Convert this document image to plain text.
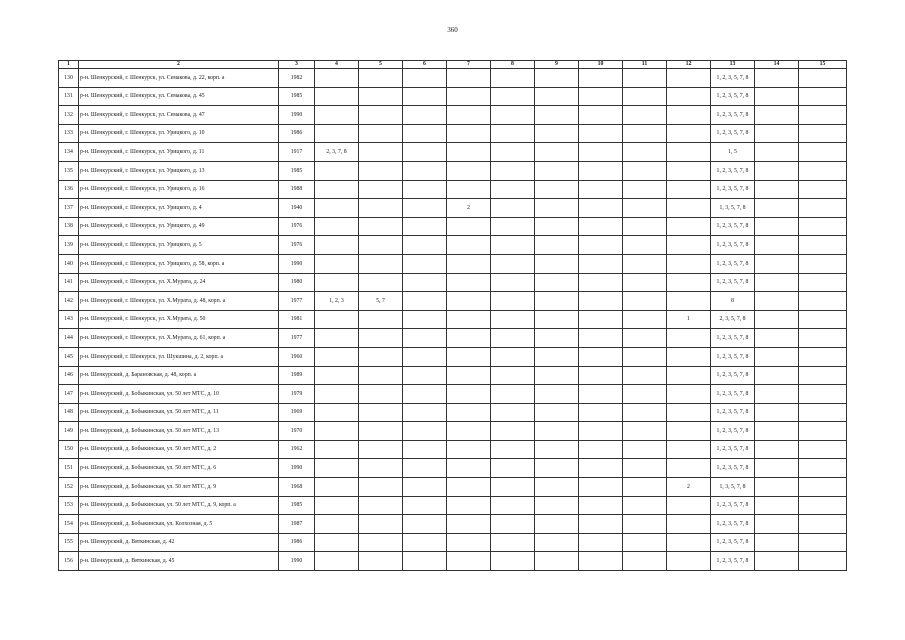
360
1	2	3	4	5	6	7	8	9	10	11	12	13	14	15
130	р-н. Шенкурский, г. Шенкурск, ул. Семакова, д. 22, корп. а	1982										1, 2, 3, 5, 7, 8		
131	р-н. Шенкурский, г. Шенкурск, ул. Семакова, д. 45	1985										1, 2, 3, 5, 7, 8		
132	р-н. Шенкурский, г. Шенкурск, ул. Семакова, д. 47	1990										1, 2, 3, 5, 7, 8		
133	р-н. Шенкурский, г. Шенкурск, ул. Урицкого, д. 10	1986										1, 2, 3, 5, 7, 8		
134	р-н. Шенкурский, г. Шенкурск, ул. Урицкого, д. 11	1917	2, 3, 7, 8									1, 5		
135	р-н. Шенкурский, г. Шенкурск, ул. Урицкого, д. 13	1985										1, 2, 3, 5, 7, 8		
136	р-н. Шенкурский, г. Шенкурск, ул. Урицкого, д. 16	1988										1, 2, 3, 5, 7, 8		
137	р-н. Шенкурский, г. Шенкурск, ул. Урицкого, д. 4	1940				2						1, 3, 5, 7, 8		
138	р-н. Шенкурский, г. Шенкурск, ул. Урицкого, д. 49	1976										1, 2, 3, 5, 7, 8		
139	р-н. Шенкурский, г. Шенкурск, ул. Урицкого, д. 5	1976										1, 2, 3, 5, 7, 8		
140	р-н. Шенкурский, г. Шенкурск, ул. Урицкого, д. 58, корп. а	1990										1, 2, 3, 5, 7, 8		
141	р-н. Шенкурский, г. Шенкурск, ул. Х.Мурата, д. 24	1980										1, 2, 3, 5, 7, 8		
142	р-н. Шенкурский, г. Шенкурск, ул. Х.Мурата, д. 48, корп. а	1977	1, 2, 3	5, 7								8		
143	р-н. Шенкурский, г. Шенкурск, ул. Х.Мурата, д. 50	1981									1	2, 3, 5, 7, 8		
144	р-н. Шенкурский, г. Шенкурск, ул. Х.Мурата, д. 61, корп. а	1977										1, 2, 3, 5, 7, 8		
145	р-н. Шенкурский, г. Шенкурск, ул. Шукшина, д. 2, корп. а	1960										1, 2, 3, 5, 7, 8		
146	р-н. Шенкурский, д. Барановская, д. 48, корп. а	1989										1, 2, 3, 5, 7, 8		
147	р-н. Шенкурский, д. Бобыкинская, ул. 50 лет МТС, д. 10	1979										1, 2, 3, 5, 7, 8		
148	р-н. Шенкурский, д. Бобыкинская, ул. 50 лет МТС, д. 11	1969										1, 2, 3, 5, 7, 8		
149	р-н. Шенкурский, д. Бобыкинская, ул. 50 лет МТС, д. 13	1970										1, 2, 3, 5, 7, 8		
150	р-н. Шенкурский, д. Бобыкинская, ул. 50 лет МТС, д. 2	1962										1, 2, 3, 5, 7, 8		
151	р-н. Шенкурский, д. Бобыкинская, ул. 50 лет МТС, д. 6	1990										1, 2, 3, 5, 7, 8		
152	р-н. Шенкурский, д. Бобыкинская, ул. 50 лет МТС, д. 9	1968									2	1, 3, 5, 7, 8		
153	р-н. Шенкурский, д. Бобыкинская, ул. 50 лет МТС, д. 9, корп. а	1985										1, 2, 3, 5, 7, 8		
154	р-н. Шенкурский, д. Бобыкинская, ул. Колхозная, д. 5	1987										1, 2, 3, 5, 7, 8		
155	р-н. Шенкурский, д. Вяткинская, д. 42	1986										1, 2, 3, 5, 7, 8		
156	р-н. Шенкурский, д. Вяткинская, д. 45	1990										1, 2, 3, 5, 7, 8		
